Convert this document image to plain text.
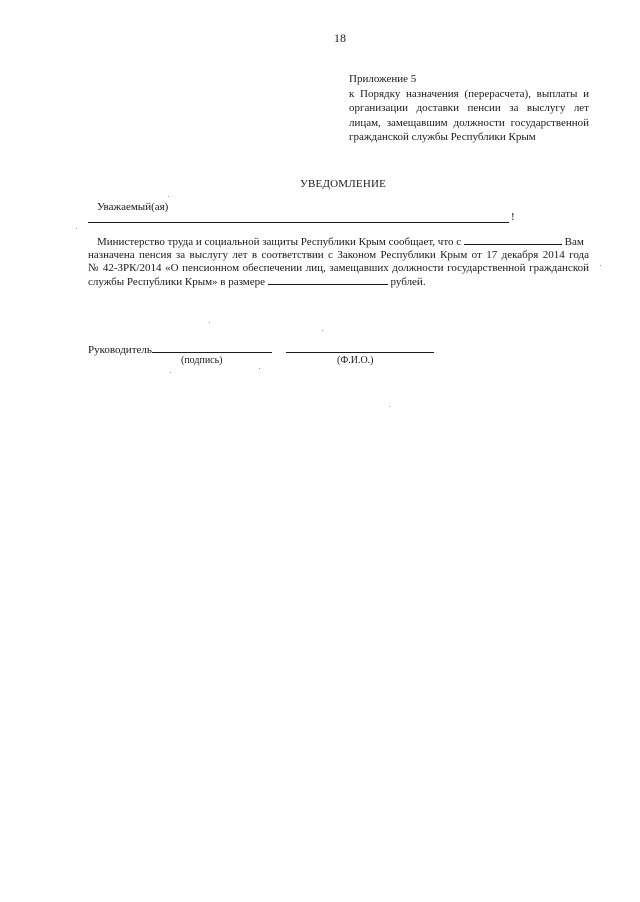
18
Приложение 5
к Порядку назначения (перерасчета), выплаты и
организации доставки пенсии за выслугу лет
лицам, замещавшим должности государственной
гражданской службы Республики Крым
УВЕДОМЛЕНИЕ
Уважаемый(ая)
!
Министерство труда и социальной защиты Республики Крым сообщает, что с	Вам
назначена пенсия за выслугу лет в соответствии с Законом Республики Крым от 17 декабря 2014 года
№ 42-ЗРК/2014 «О пенсионном обеспечении лиц, замещавших должности государственной гражданской
службы Республики Крым» в размере	рублей.
Руководитель
(подпись)	(Ф.И.О.)
